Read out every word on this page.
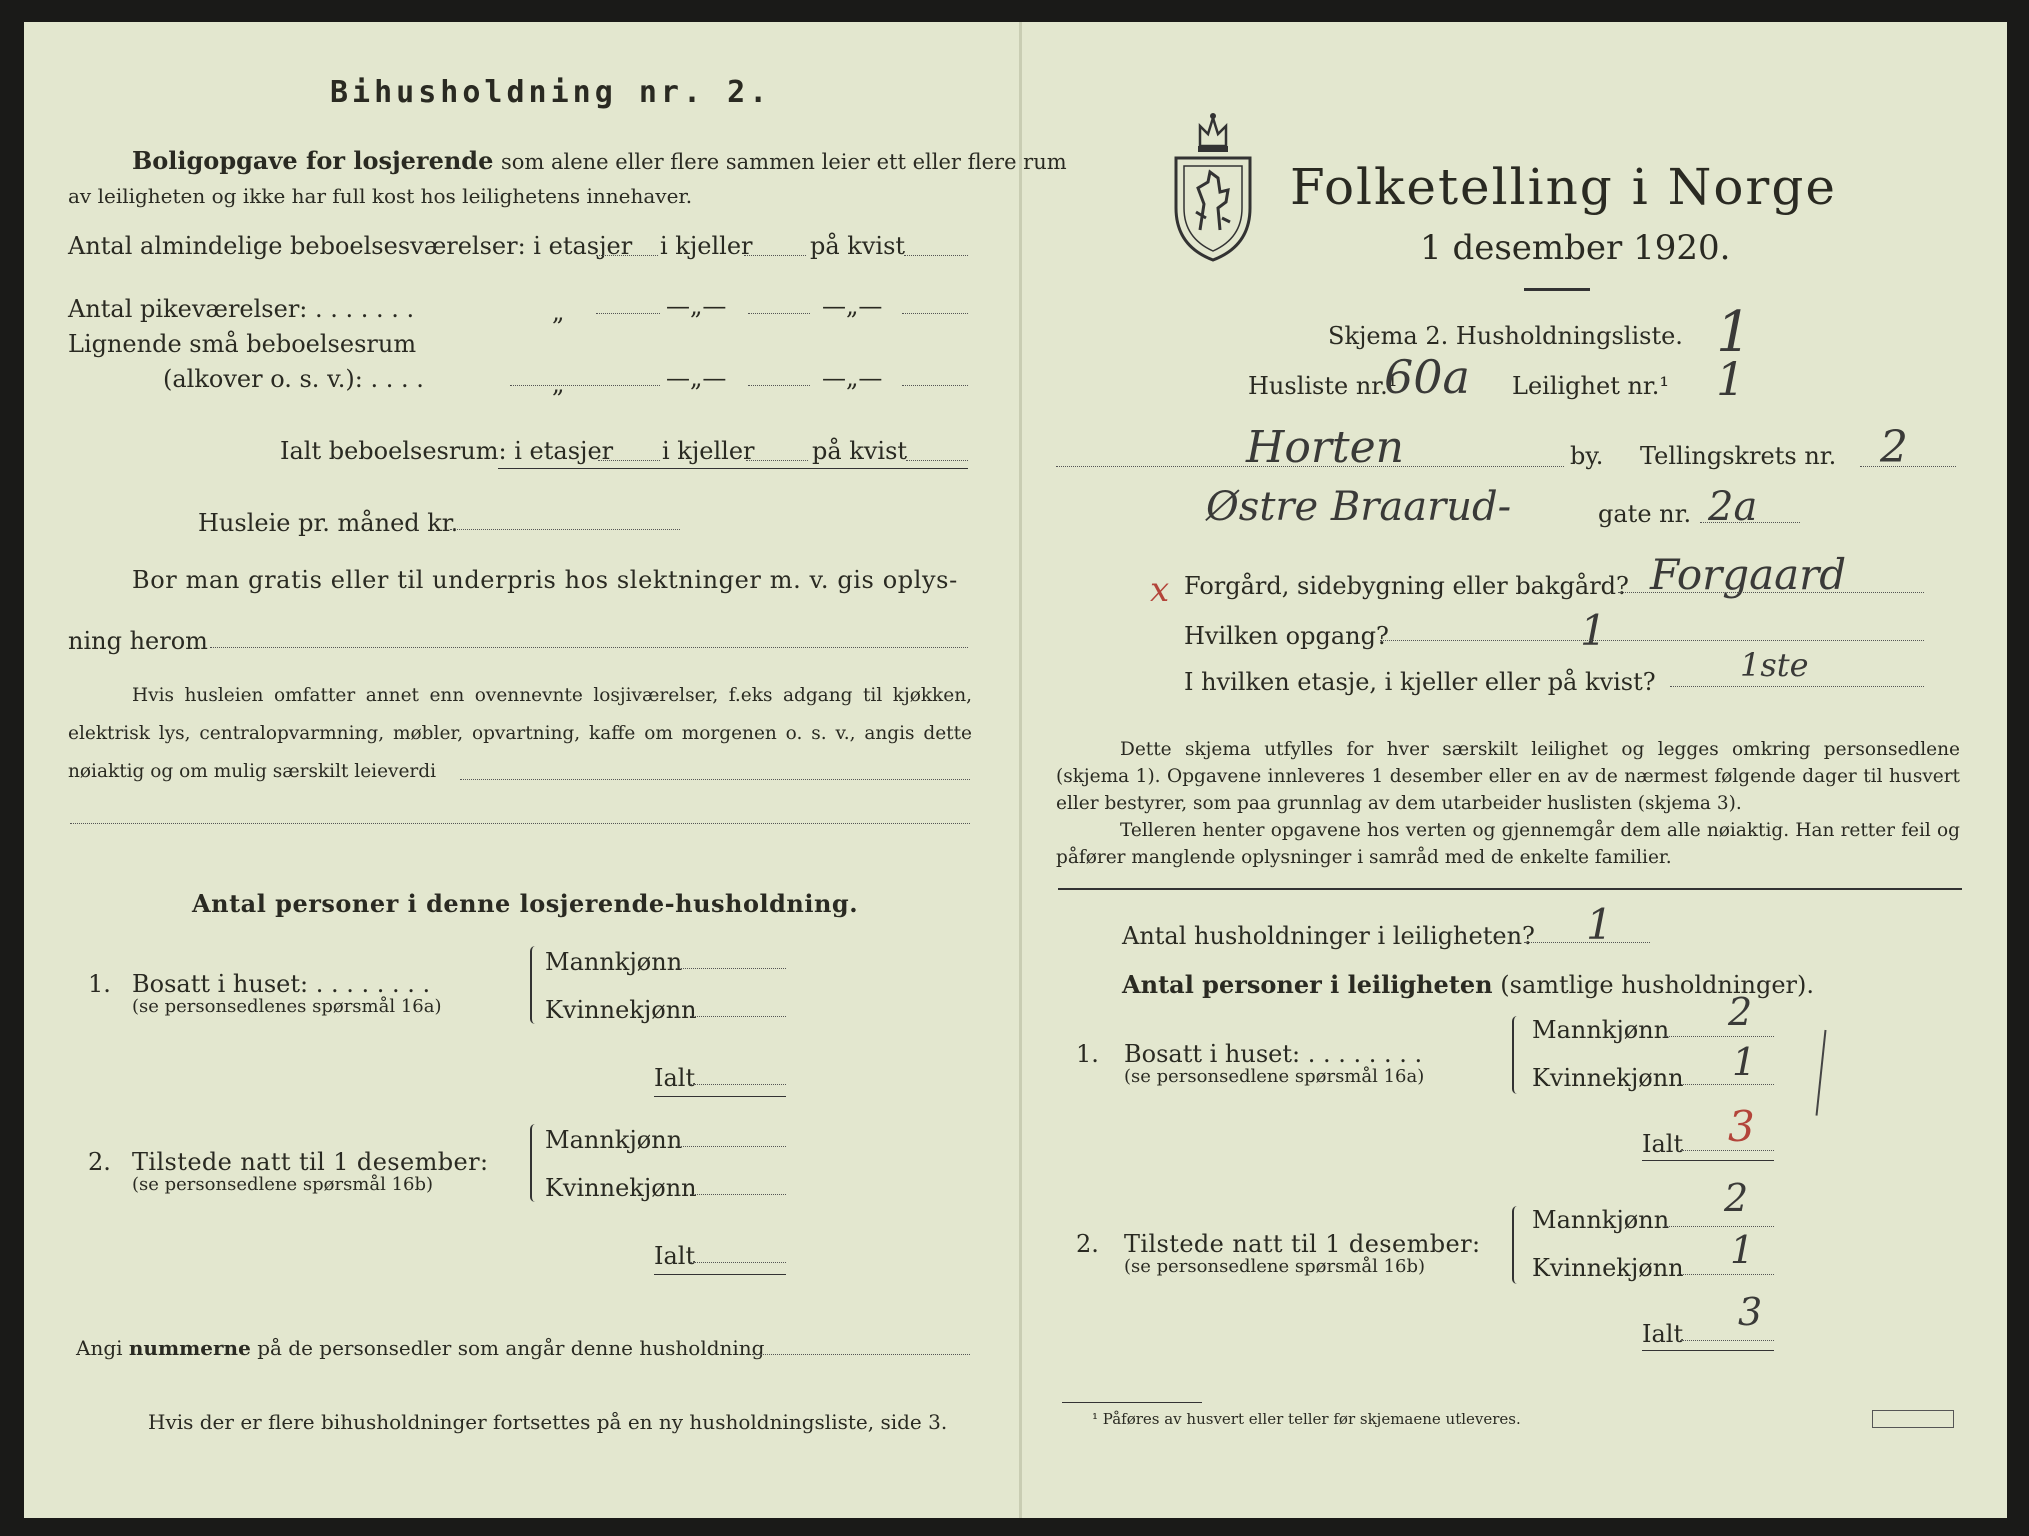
Bihusholdning nr. 2.
Boligopgave for losjerende som alene eller flere sammen leier ett eller flere rum
av leiligheten og ikke har full kost hos leilighetens innehaver.
Antal almindelige beboelsesværelser: i etasjer i kjeller på kvist
Antal pikeværelser: . . . . . . .	„	—„—	—„—
Lignende små beboelsesrum
(alkover o. s. v.): . . . .	„	—„—	—„—
Ialt beboelsesrum: i etasjer i kjeller på kvist
Husleie pr. måned kr.
Bor man gratis eller til underpris hos slektninger m. v. gis oplys-
ning herom
Hvis husleien omfatter annet enn ovennevnte losjiværelser, f.eks adgang til kjøkken, elektrisk lys, centralopvarmning, møbler, opvartning, kaffe om morgenen o. s. v., angis dette nøiaktig og om mulig særskilt leieverdi
Antal personer i denne losjerende-husholdning.
1. Bosatt i huset: . . . . . . . .
(se personsedlenes spørsmål 16a)
Mannkjønn
Kvinnekjønn
Ialt
2. Tilstede natt til 1 desember:
(se personsedlene spørsmål 16b)
Mannkjønn
Kvinnekjønn
Ialt
Angi nummerne på de personsedler som angår denne husholdning
Hvis der er flere bihusholdninger fortsettes på en ny husholdningsliste, side 3.
Folketelling i Norge
1 desember 1920.
Skjema 2. Husholdningsliste. 1
Husliste nr.¹
60a Leilighet nr.¹ 1
Horten	by. Tellingskrets nr. 2
Østre Braarud-	gate nr. 2a
x Forgård, sidebygning eller bakgård? Forgaard
Hvilken opgang?	1
I hvilken etasje, i kjeller eller på kvist?	1ste
Dette skjema utfylles for hver særskilt leilighet og legges omkring personsedlene (skjema 1). Opgavene innleveres 1 desember eller en av de nærmest følgende dager til husvert eller bestyrer, som paa grunnlag av dem utarbeider huslisten (skjema 3).
Telleren henter opgavene hos verten og gjennemgår dem alle nøiaktig. Han retter feil og påfører manglende oplysninger i samråd med de enkelte familier.
Antal husholdninger i leiligheten? 1
Antal personer i leiligheten (samtlige husholdninger).
1. Bosatt i huset: . . . . . . . .
(se personsedlene spørsmål 16a)
Mannkjønn 2
Kvinnekjønn 1
Ialt 3
2. Tilstede natt til 1 desember:
(se personsedlene spørsmål 16b)
Mannkjønn 2
Kvinnekjønn 1
Ialt 3
¹ Påføres av husvert eller teller før skjemaene utleveres.
